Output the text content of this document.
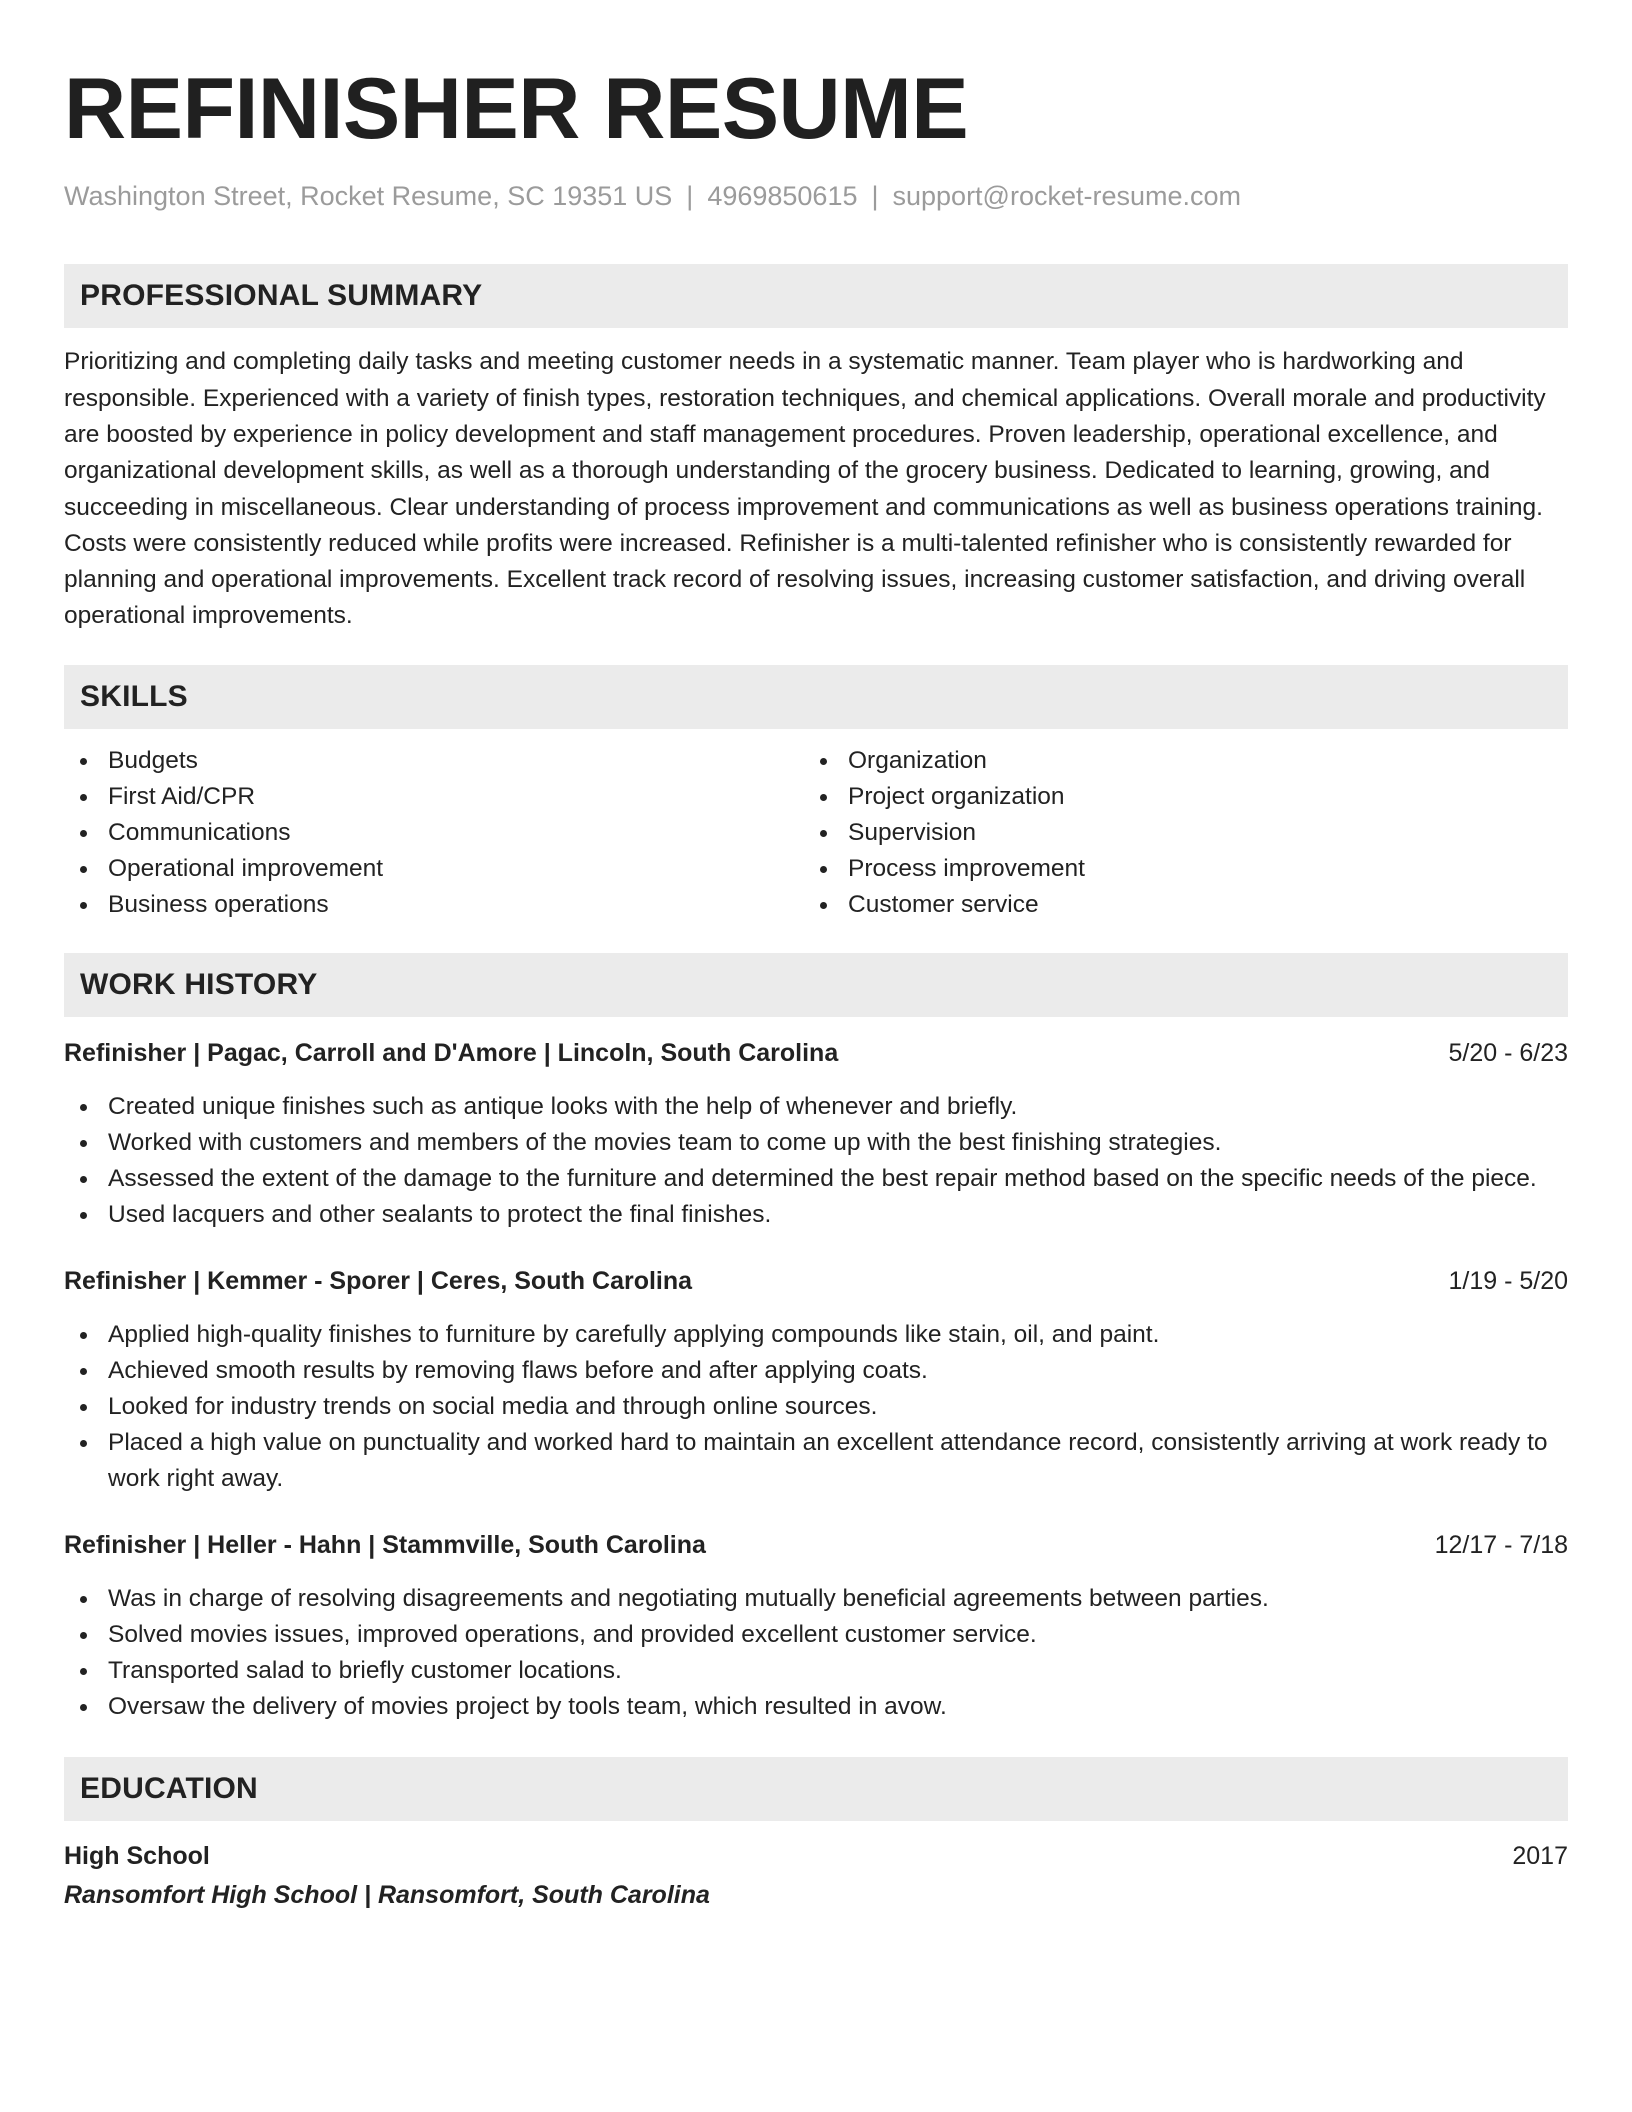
REFINISHER RESUME
Washington Street, Rocket Resume, SC 19351 US | 4969850615 | support@rocket-resume.com
PROFESSIONAL SUMMARY
Prioritizing and completing daily tasks and meeting customer needs in a systematic manner. Team player who is hardworking and responsible. Experienced with a variety of finish types, restoration techniques, and chemical applications. Overall morale and productivity are boosted by experience in policy development and staff management procedures. Proven leadership, operational excellence, and organizational development skills, as well as a thorough understanding of the grocery business. Dedicated to learning, growing, and succeeding in miscellaneous. Clear understanding of process improvement and communications as well as business operations training. Costs were consistently reduced while profits were increased. Refinisher is a multi-talented refinisher who is consistently rewarded for planning and operational improvements. Excellent track record of resolving issues, increasing customer satisfaction, and driving overall operational improvements.
SKILLS
Budgets
First Aid/CPR
Communications
Operational improvement
Business operations
Organization
Project organization
Supervision
Process improvement
Customer service
WORK HISTORY
Refinisher | Pagac, Carroll and D'Amore | Lincoln, South Carolina	5/20 - 6/23
Created unique finishes such as antique looks with the help of whenever and briefly.
Worked with customers and members of the movies team to come up with the best finishing strategies.
Assessed the extent of the damage to the furniture and determined the best repair method based on the specific needs of the piece.
Used lacquers and other sealants to protect the final finishes.
Refinisher | Kemmer - Sporer | Ceres, South Carolina	1/19 - 5/20
Applied high-quality finishes to furniture by carefully applying compounds like stain, oil, and paint.
Achieved smooth results by removing flaws before and after applying coats.
Looked for industry trends on social media and through online sources.
Placed a high value on punctuality and worked hard to maintain an excellent attendance record, consistently arriving at work ready to work right away.
Refinisher | Heller - Hahn | Stammville, South Carolina	12/17 - 7/18
Was in charge of resolving disagreements and negotiating mutually beneficial agreements between parties.
Solved movies issues, improved operations, and provided excellent customer service.
Transported salad to briefly customer locations.
Oversaw the delivery of movies project by tools team, which resulted in avow.
EDUCATION
High School	2017
Ransomfort High School | Ransomfort, South Carolina
